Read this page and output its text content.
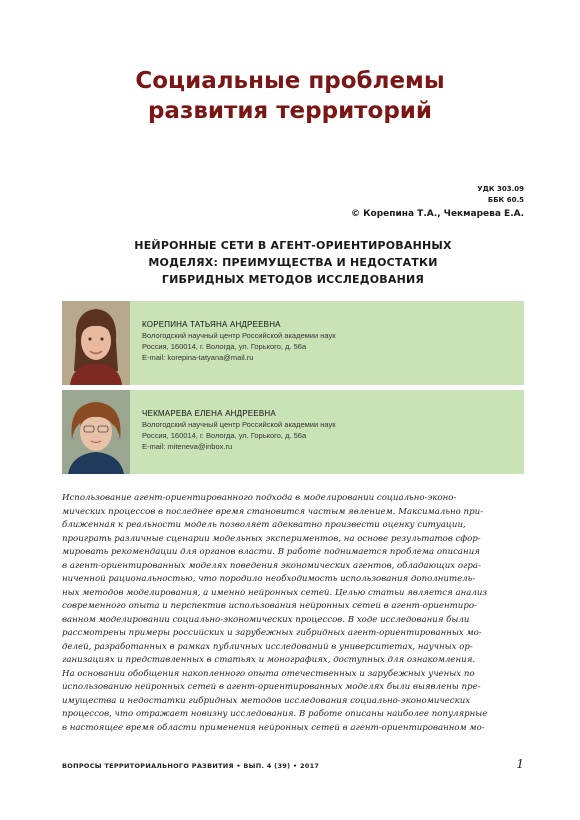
Социальные проблемы
развития территорий
УДК 303.09
ББК 60.5
© Корепина Т.А., Чекмарева Е.А.
НЕЙРОННЫЕ СЕТИ В АГЕНТ-ОРИЕНТИРОВАННЫХ
МОДЕЛЯХ: ПРЕИМУЩЕСТВА И НЕДОСТАТКИ
ГИБРИДНЫХ МЕТОДОВ ИССЛЕДОВАНИЯ
КОРЕПИНА ТАТЬЯНА АНДРЕЕВНА
Вологодский научный центр Российской академии наук
Россия, 160014, г. Вологда, ул. Горького, д. 56а
E-mail: korepina-tatyana@mail.ru
ЧЕКМАРЕВА ЕЛЕНА АНДРЕЕВНА
Вологодский научный центр Российской академии наук
Россия, 160014, г. Вологда, ул. Горького, д. 56а
E-mail: miteneva@inbox.ru
Использование агент-ориентированного подхода в моделировании социально-эконо-
мических процессов в последнее время становится частым явлением. Максимально при-
ближенная к реальности модель позволяет адекватно произвести оценку ситуации,
проиграть различные сценарии модельных экспериментов, на основе результатов сфор-
мировать рекомендации для органов власти. В работе поднимается проблема описания
в агент-ориентированных моделях поведения экономических агентов, обладающих огра-
ниченной рациональностью, что породило необходимость использования дополнитель-
ных методов моделирования, а именно нейронных сетей. Целью статьи является анализ
современного опыта и перспектив использования нейронных сетей в агент-ориентиро-
ванном моделировании социально-экономических процессов. В ходе исследования были
рассмотрены примеры российских и зарубежных гибридных агент-ориентированных мо-
делей, разработанных в рамках публичных исследований в университетах, научных ор-
ганизациях и представленных в статьях и монографиях, доступных для ознакомления.
На основании обобщения накопленного опыта отечественных и зарубежных ученых по
использованию нейронных сетей в агент-ориентированных моделях были выявлены пре-
имущества и недостатки гибридных методов исследования социально-экономических
процессов, что отражает новизну исследования. В работе описаны наиболее популярные
в настоящее время области применения нейронных сетей в агент-ориентированном мо-
ВОПРОСЫ ТЕРРИТОРИАЛЬНОГО РАЗВИТИЯ • ВЫП. 4 (39) • 2017	1
